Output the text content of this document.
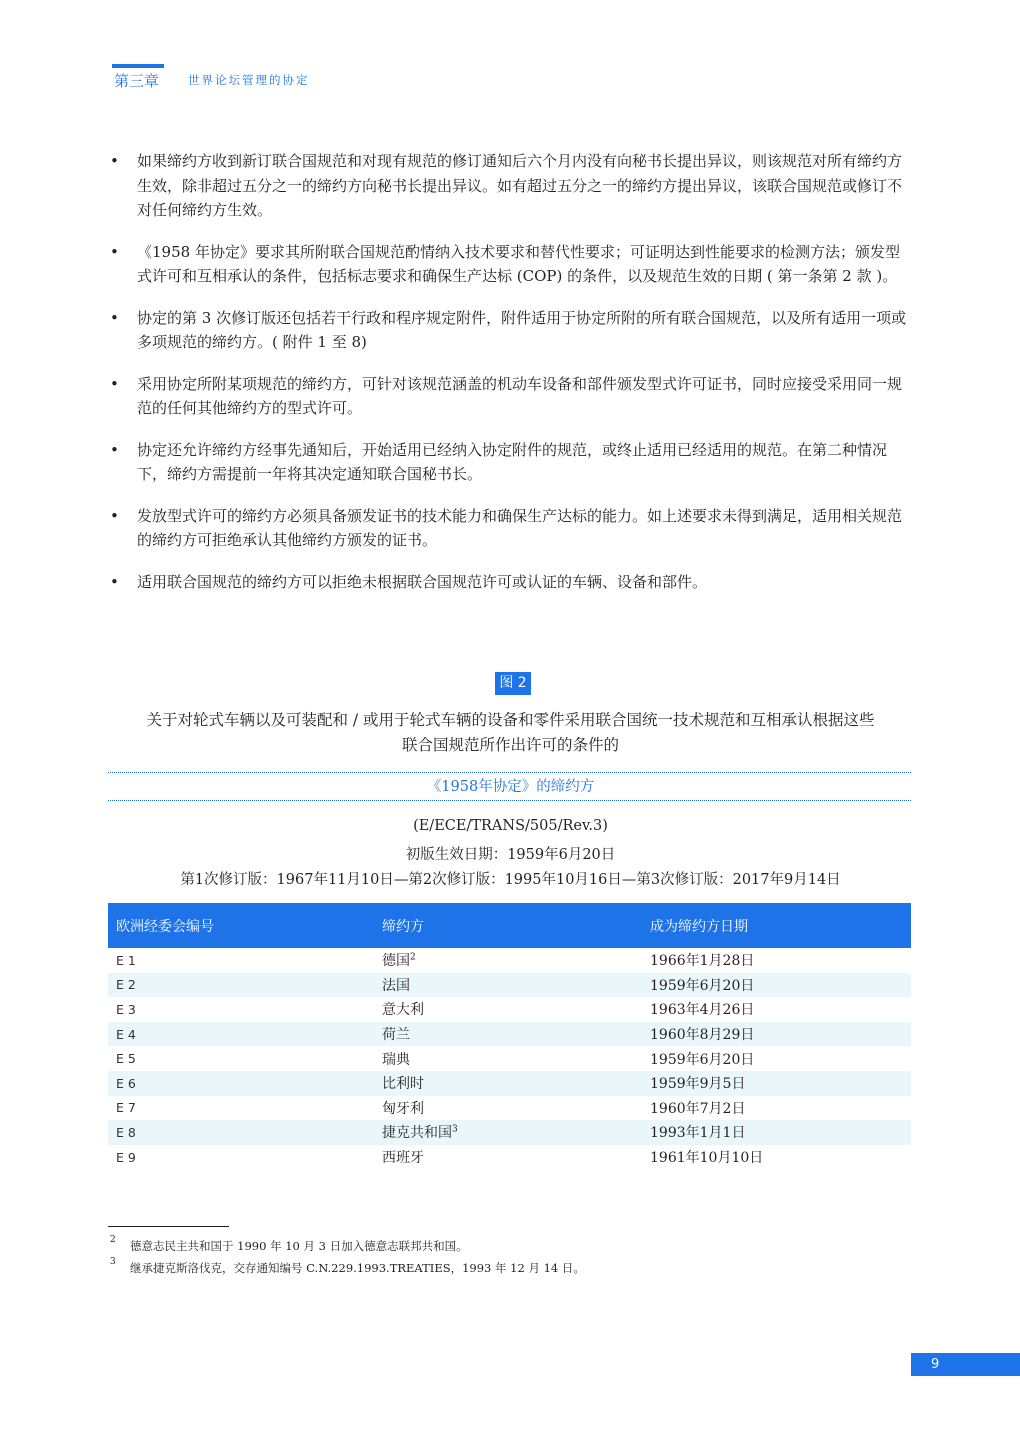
第三章	世界论坛管理的协定
• 如果缔约方收到新订联合国规范和对现有规范的修订通知后六个月内没有向秘书长提出异议，则该规范对所有缔约方生效，除非超过五分之一的缔约方向秘书长提出异议。如有超过五分之一的缔约方提出异议，该联合国规范或修订不对任何缔约方生效。
• 《1958 年协定》要求其所附联合国规范酌情纳入技术要求和替代性要求；可证明达到性能要求的检测方法；颁发型式许可和互相承认的条件，包括标志要求和确保生产达标 (COP) 的条件，以及规范生效的日期 ( 第一条第 2 款 )。
• 协定的第 3 次修订版还包括若干行政和程序规定附件，附件适用于协定所附的所有联合国规范，以及所有适用一项或多项规范的缔约方。( 附件 1 至 8)
• 采用协定所附某项规范的缔约方，可针对该规范涵盖的机动车设备和部件颁发型式许可证书，同时应接受采用同一规范的任何其他缔约方的型式许可。
• 协定还允许缔约方经事先通知后，开始适用已经纳入协定附件的规范，或终止适用已经适用的规范。在第二种情况下，缔约方需提前一年将其决定通知联合国秘书长。
• 发放型式许可的缔约方必须具备颁发证书的技术能力和确保生产达标的能力。如上述要求未得到满足，适用相关规范的缔约方可拒绝承认其他缔约方颁发的证书。
• 适用联合国规范的缔约方可以拒绝未根据联合国规范许可或认证的车辆、设备和部件。
图 2
关于对轮式车辆以及可装配和 / 或用于轮式车辆的设备和零件采用联合国统一技术规范和互相承认根据这些
联合国规范所作出许可的条件的
《1958年协定》的缔约方
(E/ECE/TRANS/505/Rev.3)
初版生效日期：1959年6月20日
第1次修订版：1967年11月10日—第2次修订版：1995年10月16日—第3次修订版：2017年9月14日
欧洲经委会编号	缔约方	成为缔约方日期
E 1	德国$^2$	1966年1月28日
E 2	法国	1959年6月20日
E 3	意大利	1963年4月26日
E 4	荷兰	1960年8月29日
E 5	瑞典	1959年6月20日
E 6	比利时	1959年9月5日
E 7	匈牙利	1960年7月2日
E 8	捷克共和国$^3$	1993年1月1日
E 9	西班牙	1961年10月10日
2 德意志民主共和国于 1990 年 10 月 3 日加入德意志联邦共和国。
3 继承捷克斯洛伐克，交存通知编号 C.N.229.1993.TREATIES，1993 年 12 月 14 日。
9
